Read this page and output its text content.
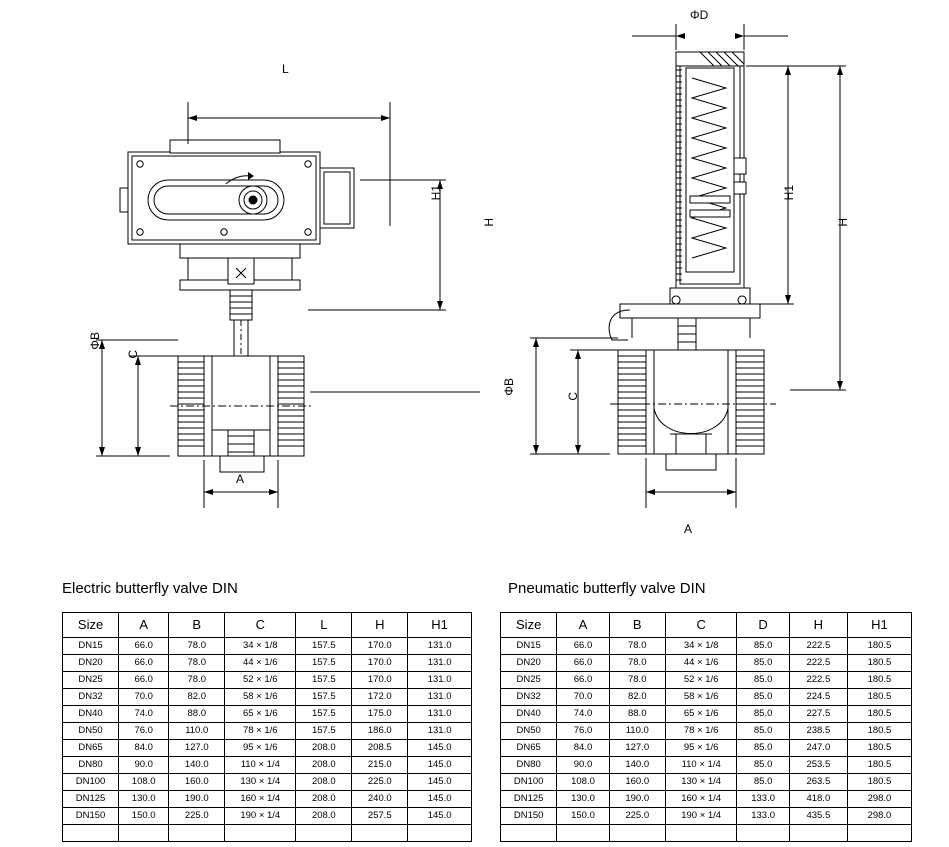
L
H1
H
ΦB
C
A
ΦD
H1
H
ΦB
C
A
Electric butterfly valve DIN
Size	A	B	C	L	H	H1
DN15	66.0	78.0	34 × 1/8	157.5	170.0	131.0
DN20	66.0	78.0	44 × 1/6	157.5	170.0	131.0
DN25	66.0	78.0	52 × 1/6	157.5	170.0	131.0
DN32	70.0	82.0	58 × 1/6	157.5	172.0	131.0
DN40	74.0	88.0	65 × 1/6	157.5	175.0	131.0
DN50	76.0	110.0	78 × 1/6	157.5	186.0	131.0
DN65	84.0	127.0	95 × 1/6	208.0	208.5	145.0
DN80	90.0	140.0	110 × 1/4	208.0	215.0	145.0
DN100	108.0	160.0	130 × 1/4	208.0	225.0	145.0
DN125	130.0	190.0	160 × 1/4	208.0	240.0	145.0
DN150	150.0	225.0	190 × 1/4	208.0	257.5	145.0

Pneumatic butterfly valve DIN
Size	A	B	C	D	H	H1
DN15	66.0	78.0	34 × 1/8	85.0	222.5	180.5
DN20	66.0	78.0	44 × 1/6	85.0	222.5	180.5
DN25	66.0	78.0	52 × 1/6	85.0	222.5	180.5
DN32	70.0	82.0	58 × 1/6	85.0	224.5	180.5
DN40	74.0	88.0	65 × 1/6	85.0	227.5	180.5
DN50	76.0	110.0	78 × 1/6	85.0	238.5	180.5
DN65	84.0	127.0	95 × 1/6	85.0	247.0	180.5
DN80	90.0	140.0	110 × 1/4	85.0	253.5	180.5
DN100	108.0	160.0	130 × 1/4	85.0	263.5	180.5
DN125	130.0	190.0	160 × 1/4	133.0	418.0	298.0
DN150	150.0	225.0	190 × 1/4	133.0	435.5	298.0
